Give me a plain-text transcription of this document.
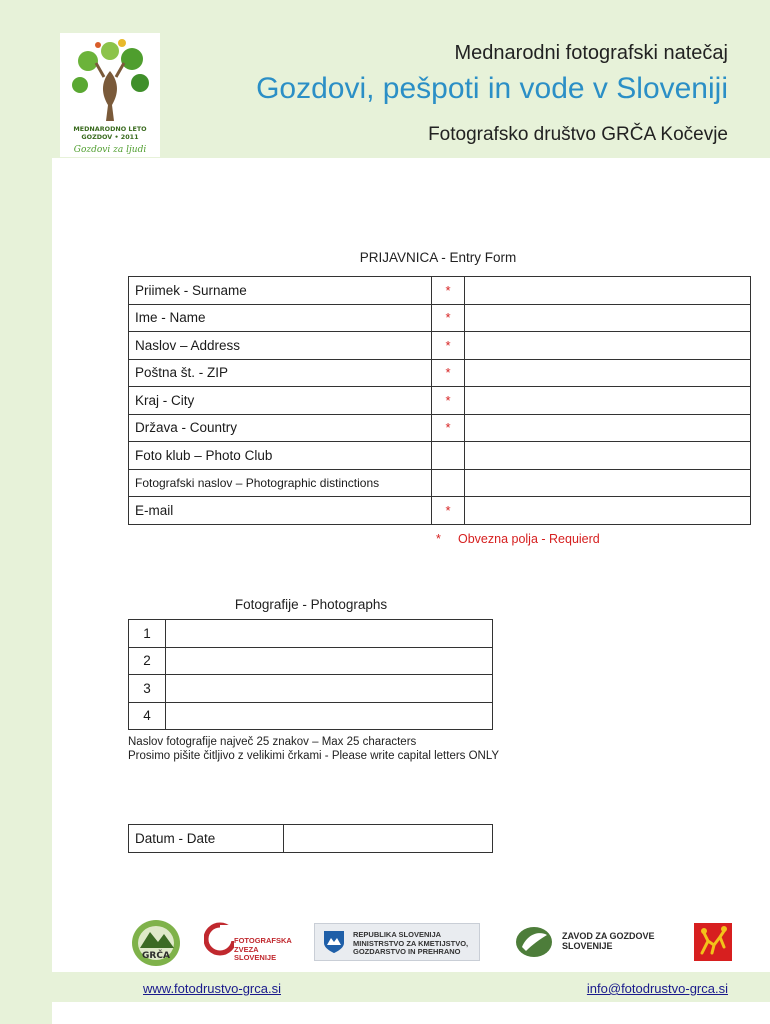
MEDNARODNO LETO
GOZDOV • 2011
Gozdovi za ljudi
Mednarodni fotografski natečaj
Gozdovi, pešpoti in vode v Sloveniji
Fotografsko društvo GRČA Kočevje
PRIJAVNICA - Entry Form
Priimek - Surname	*	
Ime - Name	*	
Naslov – Address	*	
Poštna št. - ZIP	*	
Kraj - City	*	
Država - Country	*	
Foto klub – Photo Club		
Fotografski naslov – Photographic distinctions		
E-mail	*	
* Obvezna polja - Requierd
Fotografije - Photographs
1	
2	
3	
4	
Naslov fotografije največ 25 znakov – Max 25 characters
Prosimo pišite čitljivo z velikimi črkami - Please write capital letters ONLY
Datum - Date	
GRČA
FOTOGRAFSKA ZVEZA SLOVENIJE
REPUBLIKA SLOVENIJA
MINISTRSTVO ZA KMETIJSTVO,
GOZDARSTVO IN PREHRANO
ZAVOD ZA GOZDOVE
SLOVENIJE
www.fotodrustvo-grca.si	info@fotodrustvo-grca.si
